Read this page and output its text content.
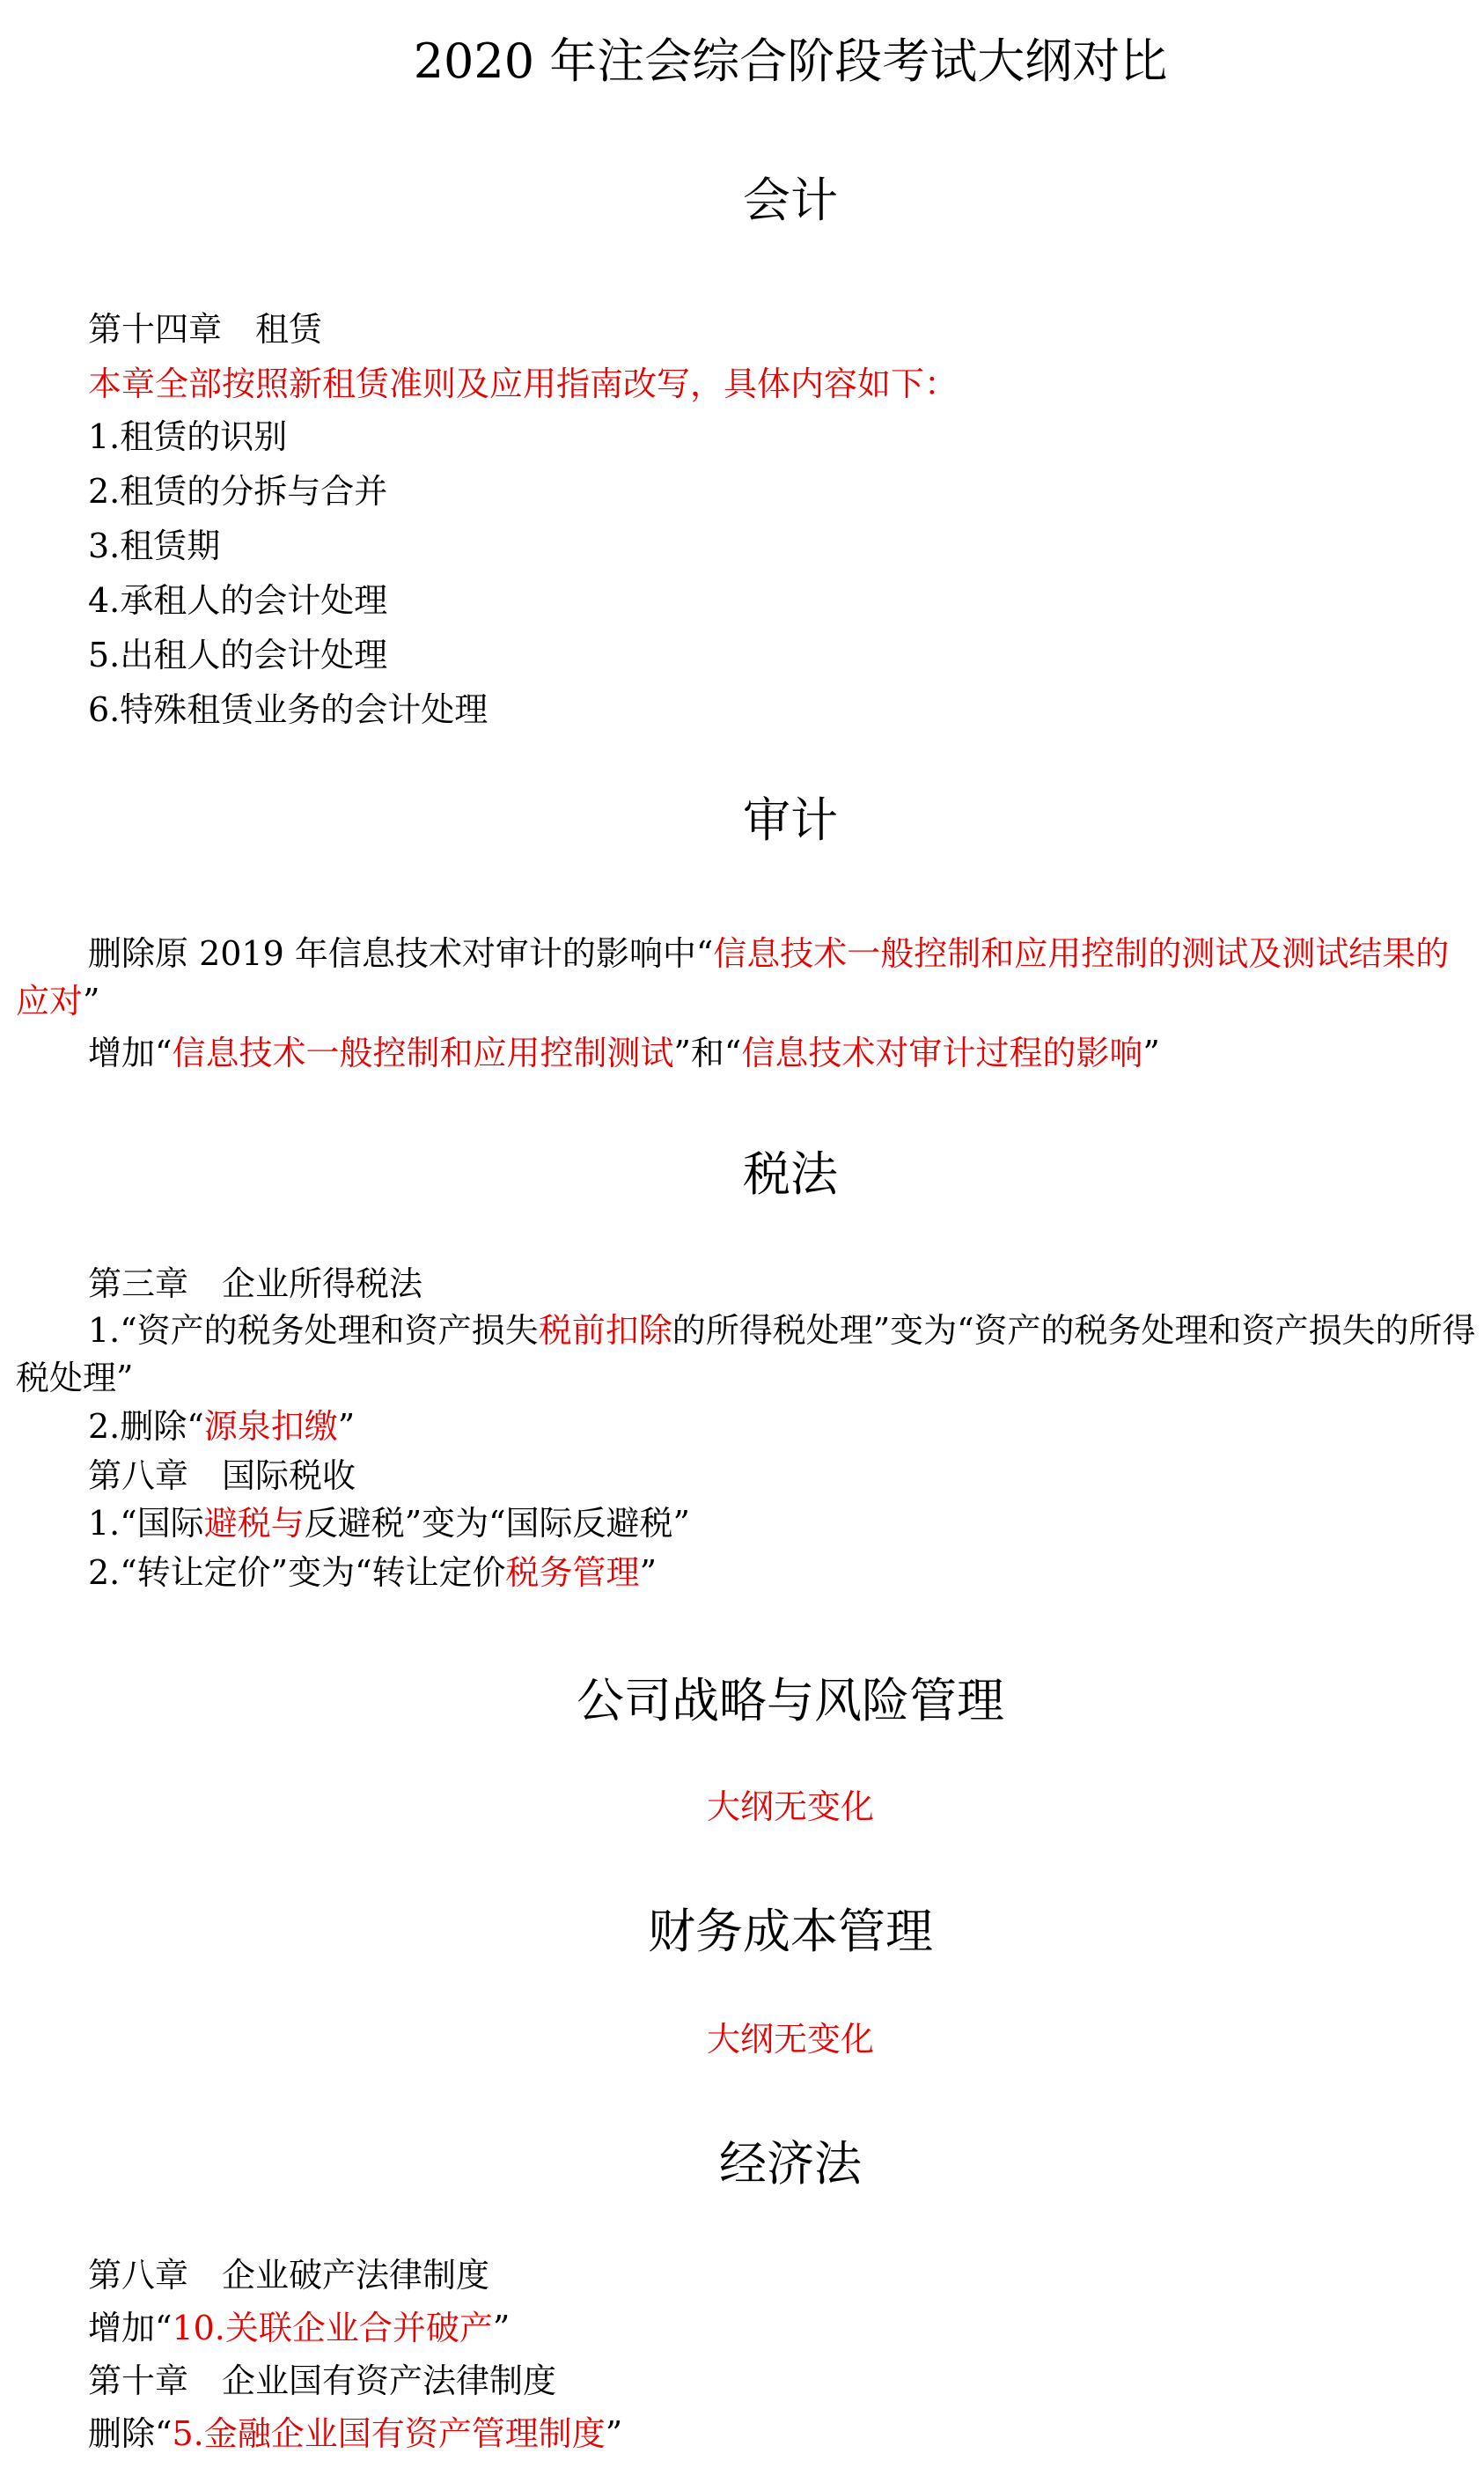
2020 年注会综合阶段考试大纲对比
会计
第十四章　租赁
本章全部按照新租赁准则及应用指南改写，具体内容如下：
1.租赁的识别
2.租赁的分拆与合并
3.租赁期
4.承租人的会计处理
5.出租人的会计处理
6.特殊租赁业务的会计处理
审计
删除原 2019 年信息技术对审计的影响中“信息技术一般控制和应用控制的测试及测试结果的应对”
增加“信息技术一般控制和应用控制测试”和“信息技术对审计过程的影响”
税法
第三章　企业所得税法
1.“资产的税务处理和资产损失税前扣除的所得税处理”变为“资产的税务处理和资产损失的所得税处理”
2.删除“源泉扣缴”
第八章　国际税收
1.“国际避税与反避税”变为“国际反避税”
2.“转让定价”变为“转让定价税务管理”
公司战略与风险管理
大纲无变化
财务成本管理
大纲无变化
经济法
第八章　企业破产法律制度
增加“10.关联企业合并破产”
第十章　企业国有资产法律制度
删除“5.金融企业国有资产管理制度”
